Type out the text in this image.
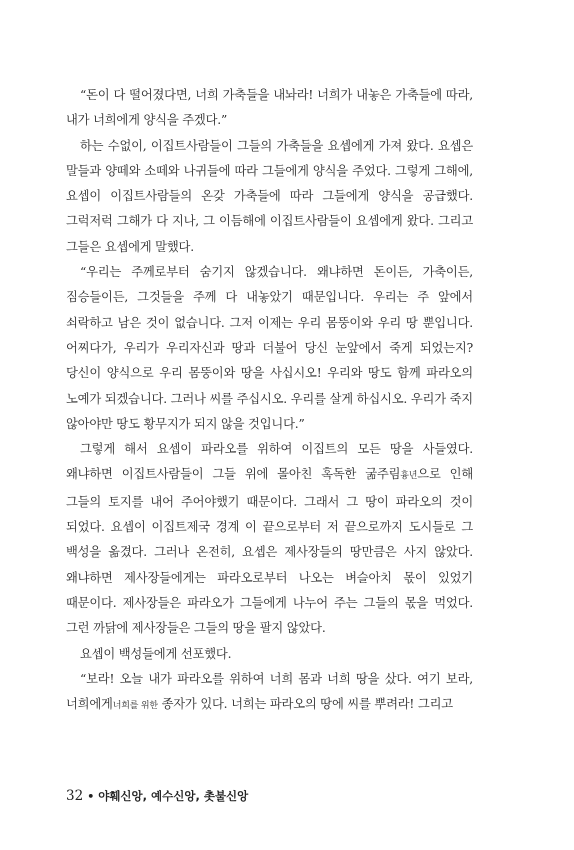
“돈이 다 떨어졌다면, 너희 가축들을 내놔라! 너희가 내놓은 가축들에 따라, 내가 너희에게 양식을 주겠다.”

하는 수없이, 이집트사람들이 그들의 가축들을 요셉에게 가져 왔다. 요셉은 말들과 양떼와 소떼와 나귀들에 따라 그들에게 양식을 주었다. 그렇게 그해에, 요셉이 이집트사람들의 온갖 가축들에 따라 그들에게 양식을 공급했다. 그럭저럭 그해가 다 지나, 그 이듬해에 이집트사람들이 요셉에게 왔다. 그리고 그들은 요셉에게 말했다.

“우리는 주께로부터 숨기지 않겠습니다. 왜냐하면 돈이든, 가축이든, 짐승들이든, 그것들을 주께 다 내놓았기 때문입니다. 우리는 주 앞에서 쇠락하고 남은 것이 없습니다. 그저 이제는 우리 몸뚱이와 우리 땅 뿐입니다. 어찌다가, 우리가 우리자신과 땅과 더불어 당신 눈앞에서 죽게 되었는지? 당신이 양식으로 우리 몸뚱이와 땅을 사십시오! 우리와 땅도 함께 파라오의 노예가 되겠습니다. 그러나 씨를 주십시오. 우리를 살게 하십시오. 우리가 죽지 않아야만 땅도 황무지가 되지 않을 것입니다.”

그렇게 해서 요셉이 파라오를 위하여 이집트의 모든 땅을 사들였다. 왜냐하면 이집트사람들이 그들 위에 몰아친 혹독한 굶주림흉년으로 인해 그들의 토지를 내어 주어야했기 때문이다. 그래서 그 땅이 파라오의 것이 되었다. 요셉이 이집트제국 경계 이 끝으로부터 저 끝으로까지 도시들로 그 백성을 옮겼다. 그러나 온전히, 요셉은 제사장들의 땅만큼은 사지 않았다. 왜냐하면 제사장들에게는 파라오로부터 나오는 벼슬아치 몫이 있었기 때문이다. 제사장들은 파라오가 그들에게 나누어 주는 그들의 몫을 먹었다. 그런 까닭에 제사장들은 그들의 땅을 팔지 않았다.

요셉이 백성들에게 선포했다.

“보라! 오늘 내가 파라오를 위하여 너희 몸과 너희 땅을 샀다. 여기 보라, 너희에게너희를 위한 종자가 있다. 너희는 파라오의 땅에 씨를 뿌려라! 그리고

32 • 야훼신앙, 예수신앙, 촛불신앙
